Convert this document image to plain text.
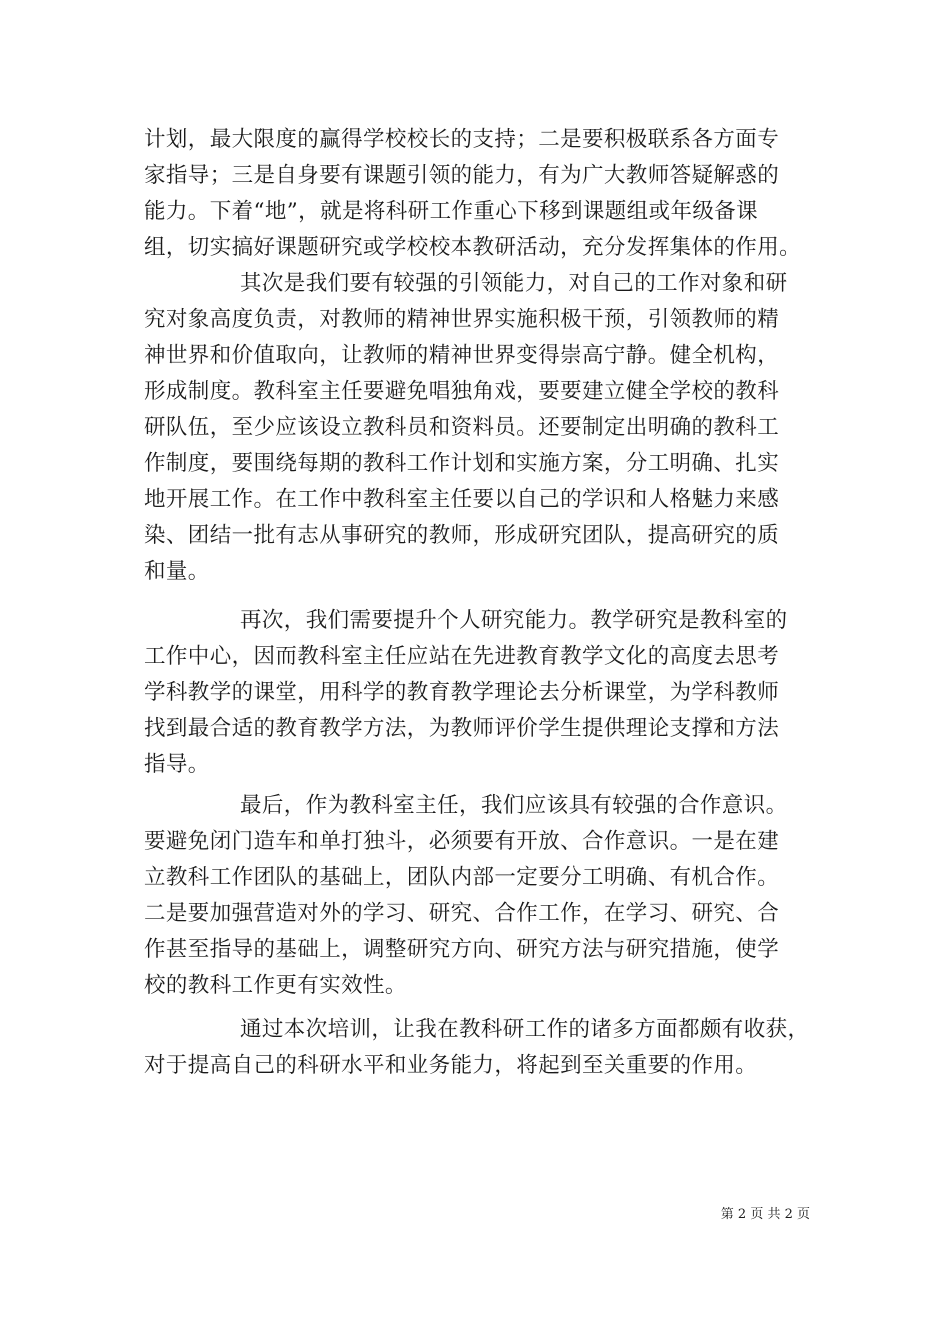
计划，最大限度的赢得学校校长的支持；二是要积极联系各方面专
家指导；三是自身要有课题引领的能力，有为广大教师答疑解惑的
能力。下着“地”，就是将科研工作重心下移到课题组或年级备课
组，切实搞好课题研究或学校校本教研活动，充分发挥集体的作用。
其次是我们要有较强的引领能力，对自己的工作对象和研
究对象高度负责，对教师的精神世界实施积极干预，引领教师的精
神世界和价值取向，让教师的精神世界变得崇高宁静。健全机构，
形成制度。教科室主任要避免唱独角戏，要要建立健全学校的教科
研队伍，至少应该设立教科员和资料员。还要制定出明确的教科工
作制度，要围绕每期的教科工作计划和实施方案，分工明确、扎实
地开展工作。在工作中教科室主任要以自己的学识和人格魅力来感
染、团结一批有志从事研究的教师，形成研究团队，提高研究的质
和量。
再次，我们需要提升个人研究能力。教学研究是教科室的
工作中心，因而教科室主任应站在先进教育教学文化的高度去思考
学科教学的课堂，用科学的教育教学理论去分析课堂，为学科教师
找到最合适的教育教学方法，为教师评价学生提供理论支撑和方法
指导。
最后，作为教科室主任，我们应该具有较强的合作意识。
要避免闭门造车和单打独斗，必须要有开放、合作意识。一是在建
立教科工作团队的基础上，团队内部一定要分工明确、有机合作。
二是要加强营造对外的学习、研究、合作工作，在学习、研究、合
作甚至指导的基础上，调整研究方向、研究方法与研究措施，使学
校的教科工作更有实效性。
通过本次培训，让我在教科研工作的诸多方面都颇有收获，
对于提高自己的科研水平和业务能力，将起到至关重要的作用。
第 2 页 共 2 页
